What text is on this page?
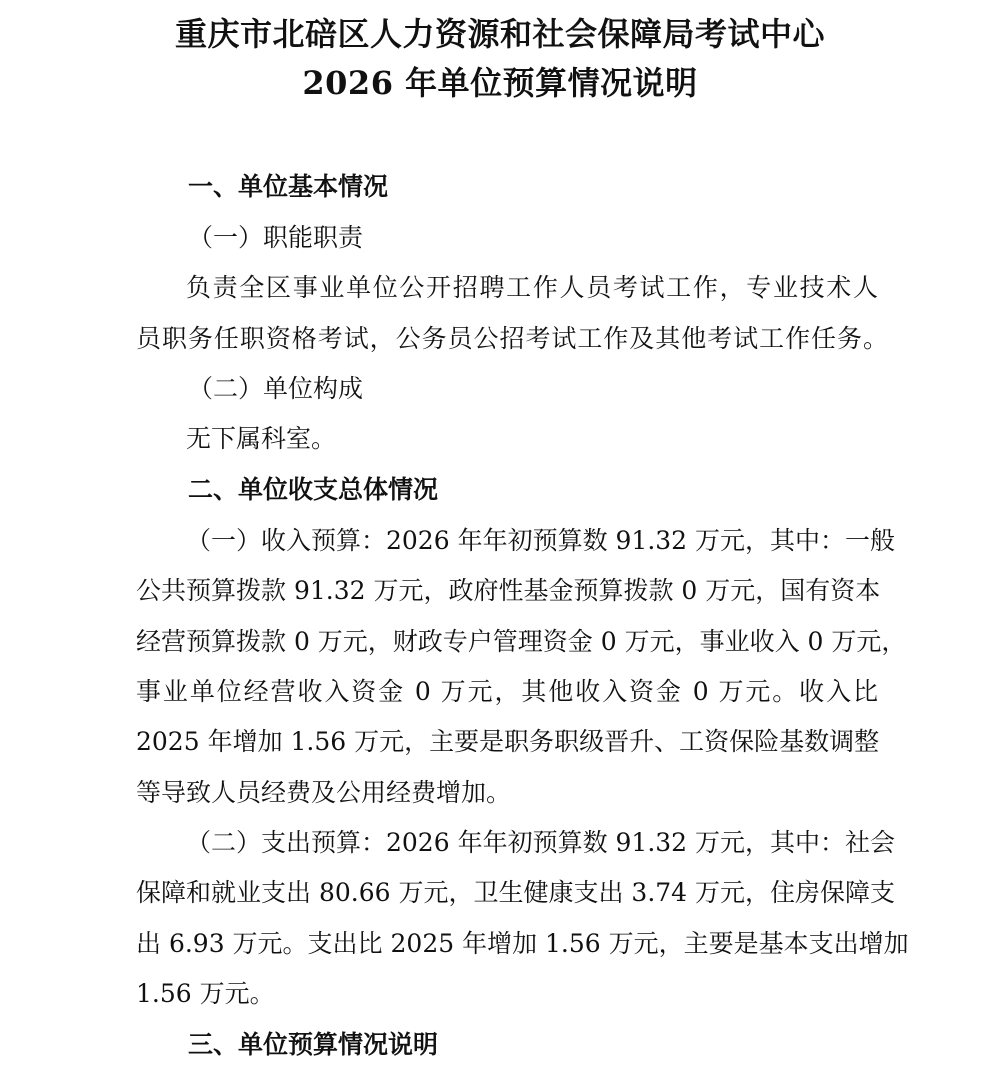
重庆市北碚区人力资源和社会保障局考试中心
2026 年单位预算情况说明
一、单位基本情况
（一）职能职责
负责全区事业单位公开招聘工作人员考试工作，专业技术人
员职务任职资格考试，公务员公招考试工作及其他考试工作任务。
（二）单位构成
无下属科室。
二、单位收支总体情况
（一）收入预算：2026 年年初预算数 91.32 万元，其中：一般
公共预算拨款 91.32 万元，政府性基金预算拨款 0 万元，国有资本
经营预算拨款 0 万元，财政专户管理资金 0 万元，事业收入 0 万元，
事业单位经营收入资金 0 万元，其他收入资金 0 万元。收入比
2025 年增加 1.56 万元，主要是职务职级晋升、工资保险基数调整
等导致人员经费及公用经费增加。
（二）支出预算：2026 年年初预算数 91.32 万元，其中：社会
保障和就业支出 80.66 万元，卫生健康支出 3.74 万元，住房保障支
出 6.93 万元。支出比 2025 年增加 1.56 万元，主要是基本支出增加
1.56 万元。
三、单位预算情况说明
